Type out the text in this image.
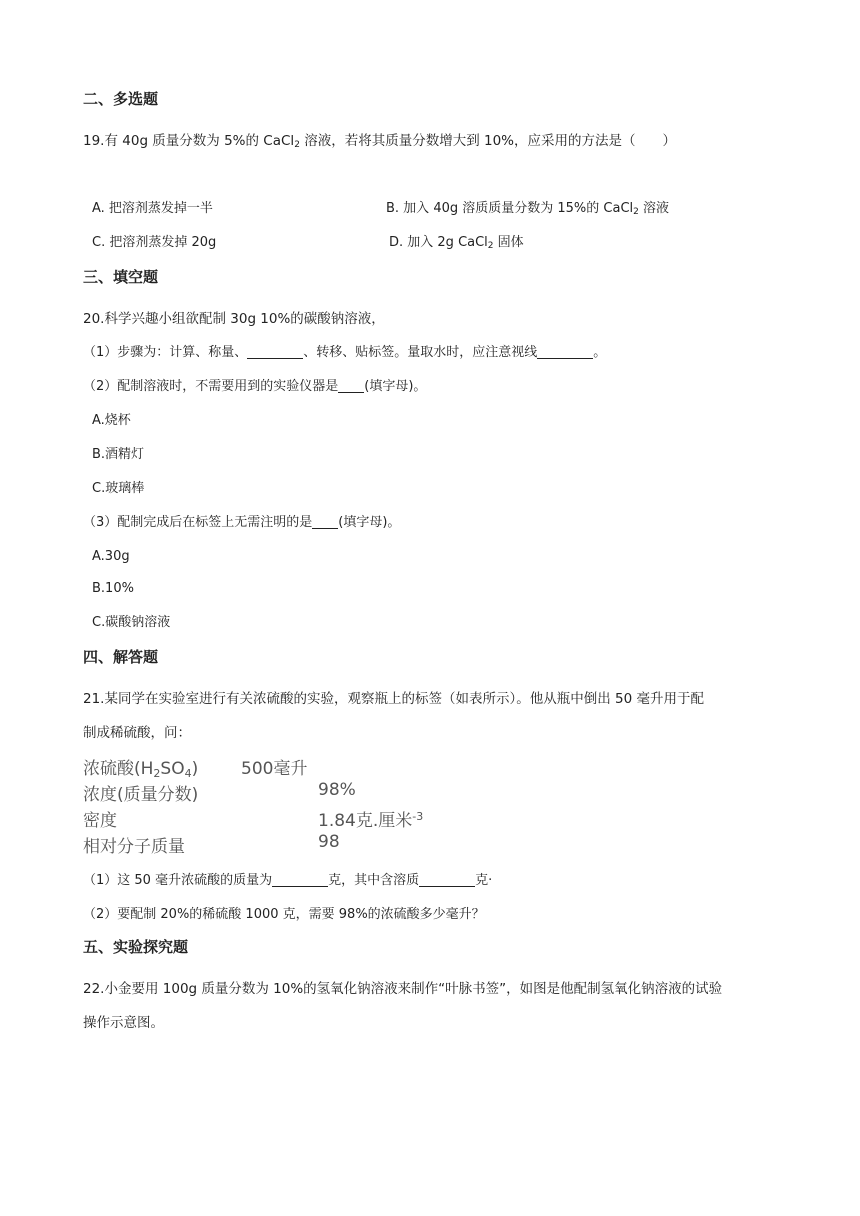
二、多选题
19.有 40g 质量分数为 5%的 CaCl$_2$ 溶液，若将其质量分数增大到 10%，应采用的方法是（　　）
A. 把溶剂蒸发掉一半	B. 加入 40g 溶质质量分数为 15%的 CaCl$_2$ 溶液
C. 把溶剂蒸发掉 20g	D. 加入 2g CaCl$_2$ 固体
三、填空题
20.科学兴趣小组欲配制 30g 10%的碳酸钠溶液，
（1）步骤为：计算、称量、	、转移、贴标签。量取水时，应注意视线	。
（2）配制溶液时，不需要用到的实验仪器是 (填字母)。
A.烧杯
B.酒精灯
C.玻璃棒
（3）配制完成后在标签上无需注明的是 (填字母)。
B.10%
A.30g
C.碳酸钠溶液
四、解答题
21.某同学在实验室进行有关浓硫酸的实验，观察瓶上的标签（如表所示）。他从瓶中倒出 50 毫升用于配
制成稀硫酸，问：
浓硫酸$(H_2SO_4)$	500毫升
浓度(质量分数)	98%
密度	1.84克.厘米$^{-3}$
相对分子质量	98
（1）这 50 毫升浓硫酸的质量为	克，其中含溶质	克·
（2）要配制 20%的稀硫酸 1000 克，需要 98%的浓硫酸多少毫升？
五、实验探究题
22.小金要用 100g 质量分数为 10%的氢氧化钠溶液来制作“叶脉书签”，如图是他配制氢氧化钠溶液的试验
操作示意图。
